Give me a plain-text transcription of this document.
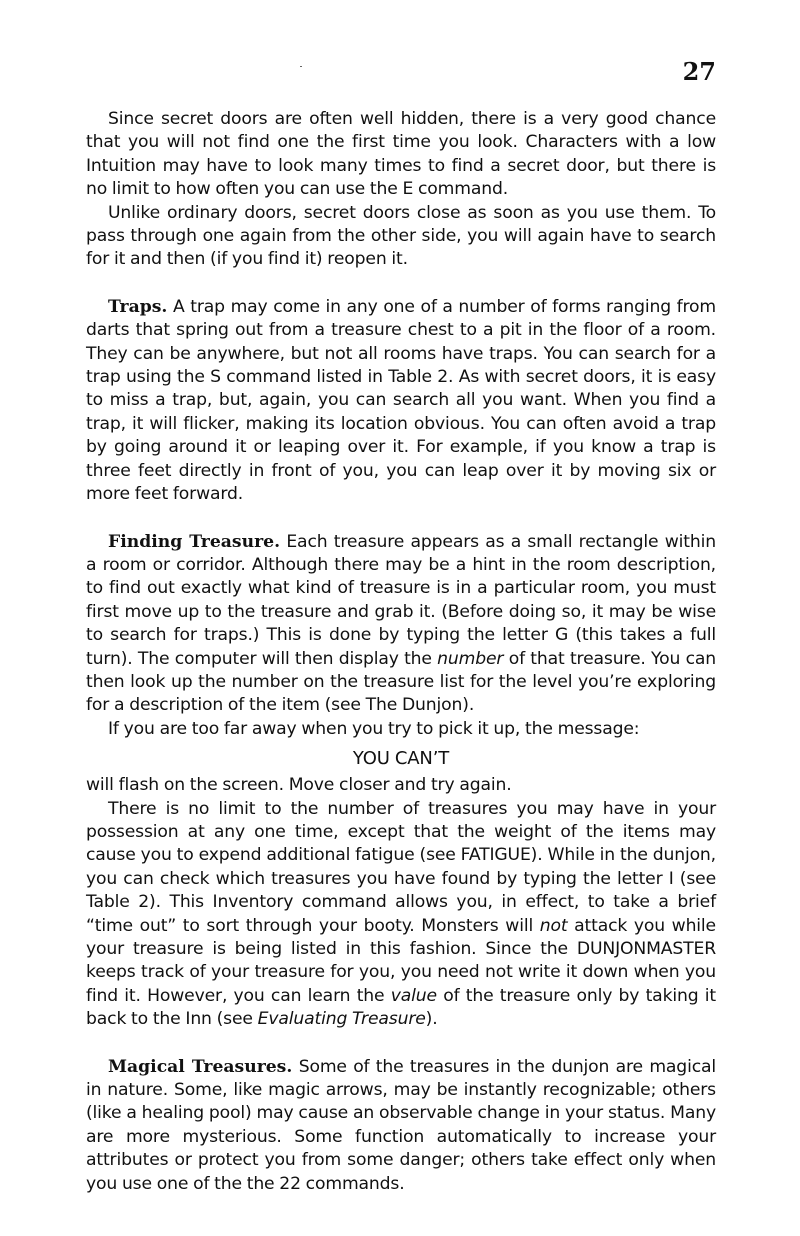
27

Since secret doors are often well hidden, there is a very good chance that you will not find one the first time you look. Characters with a low Intuition may have to look many times to find a secret door, but there is no limit to how often you can use the E command.

Unlike ordinary doors, secret doors close as soon as you use them. To pass through one again from the other side, you will again have to search for it and then (if you find it) reopen it.

Traps. A trap may come in any one of a number of forms ranging from darts that spring out from a treasure chest to a pit in the floor of a room. They can be anywhere, but not all rooms have traps. You can search for a trap using the S command listed in Table 2. As with secret doors, it is easy to miss a trap, but, again, you can search all you want. When you find a trap, it will flicker, making its location obvious. You can often avoid a trap by going around it or leaping over it. For example, if you know a trap is three feet directly in front of you, you can leap over it by moving six or more feet forward.

Finding Treasure. Each treasure appears as a small rectangle within a room or corridor. Although there may be a hint in the room description, to find out exactly what kind of treasure is in a particular room, you must first move up to the treasure and grab it. (Before doing so, it may be wise to search for traps.) This is done by typing the letter G (this takes a full turn). The computer will then display the number of that treasure. You can then look up the number on the treasure list for the level you’re exploring for a description of the item (see The Dunjon).

If you are too far away when you try to pick it up, the message:

YOU CAN’T

will flash on the screen. Move closer and try again.

There is no limit to the number of treasures you may have in your possession at any one time, except that the weight of the items may cause you to expend additional fatigue (see FATIGUE). While in the dunjon, you can check which treasures you have found by typing the letter I (see Table 2). This Inventory command allows you, in effect, to take a brief “time out” to sort through your booty. Monsters will not attack you while your treasure is being listed in this fashion. Since the DUNJONMASTER keeps track of your treasure for you, you need not write it down when you find it. However, you can learn the value of the treasure only by taking it back to the Inn (see Evaluating Treasure).

Magical Treasures. Some of the treasures in the dunjon are magical in nature. Some, like magic arrows, may be instantly recognizable; others (like a healing pool) may cause an observable change in your status. Many are more mysterious. Some function automatically to increase your attributes or protect you from some danger; others take effect only when you use one of the the 22 commands.
